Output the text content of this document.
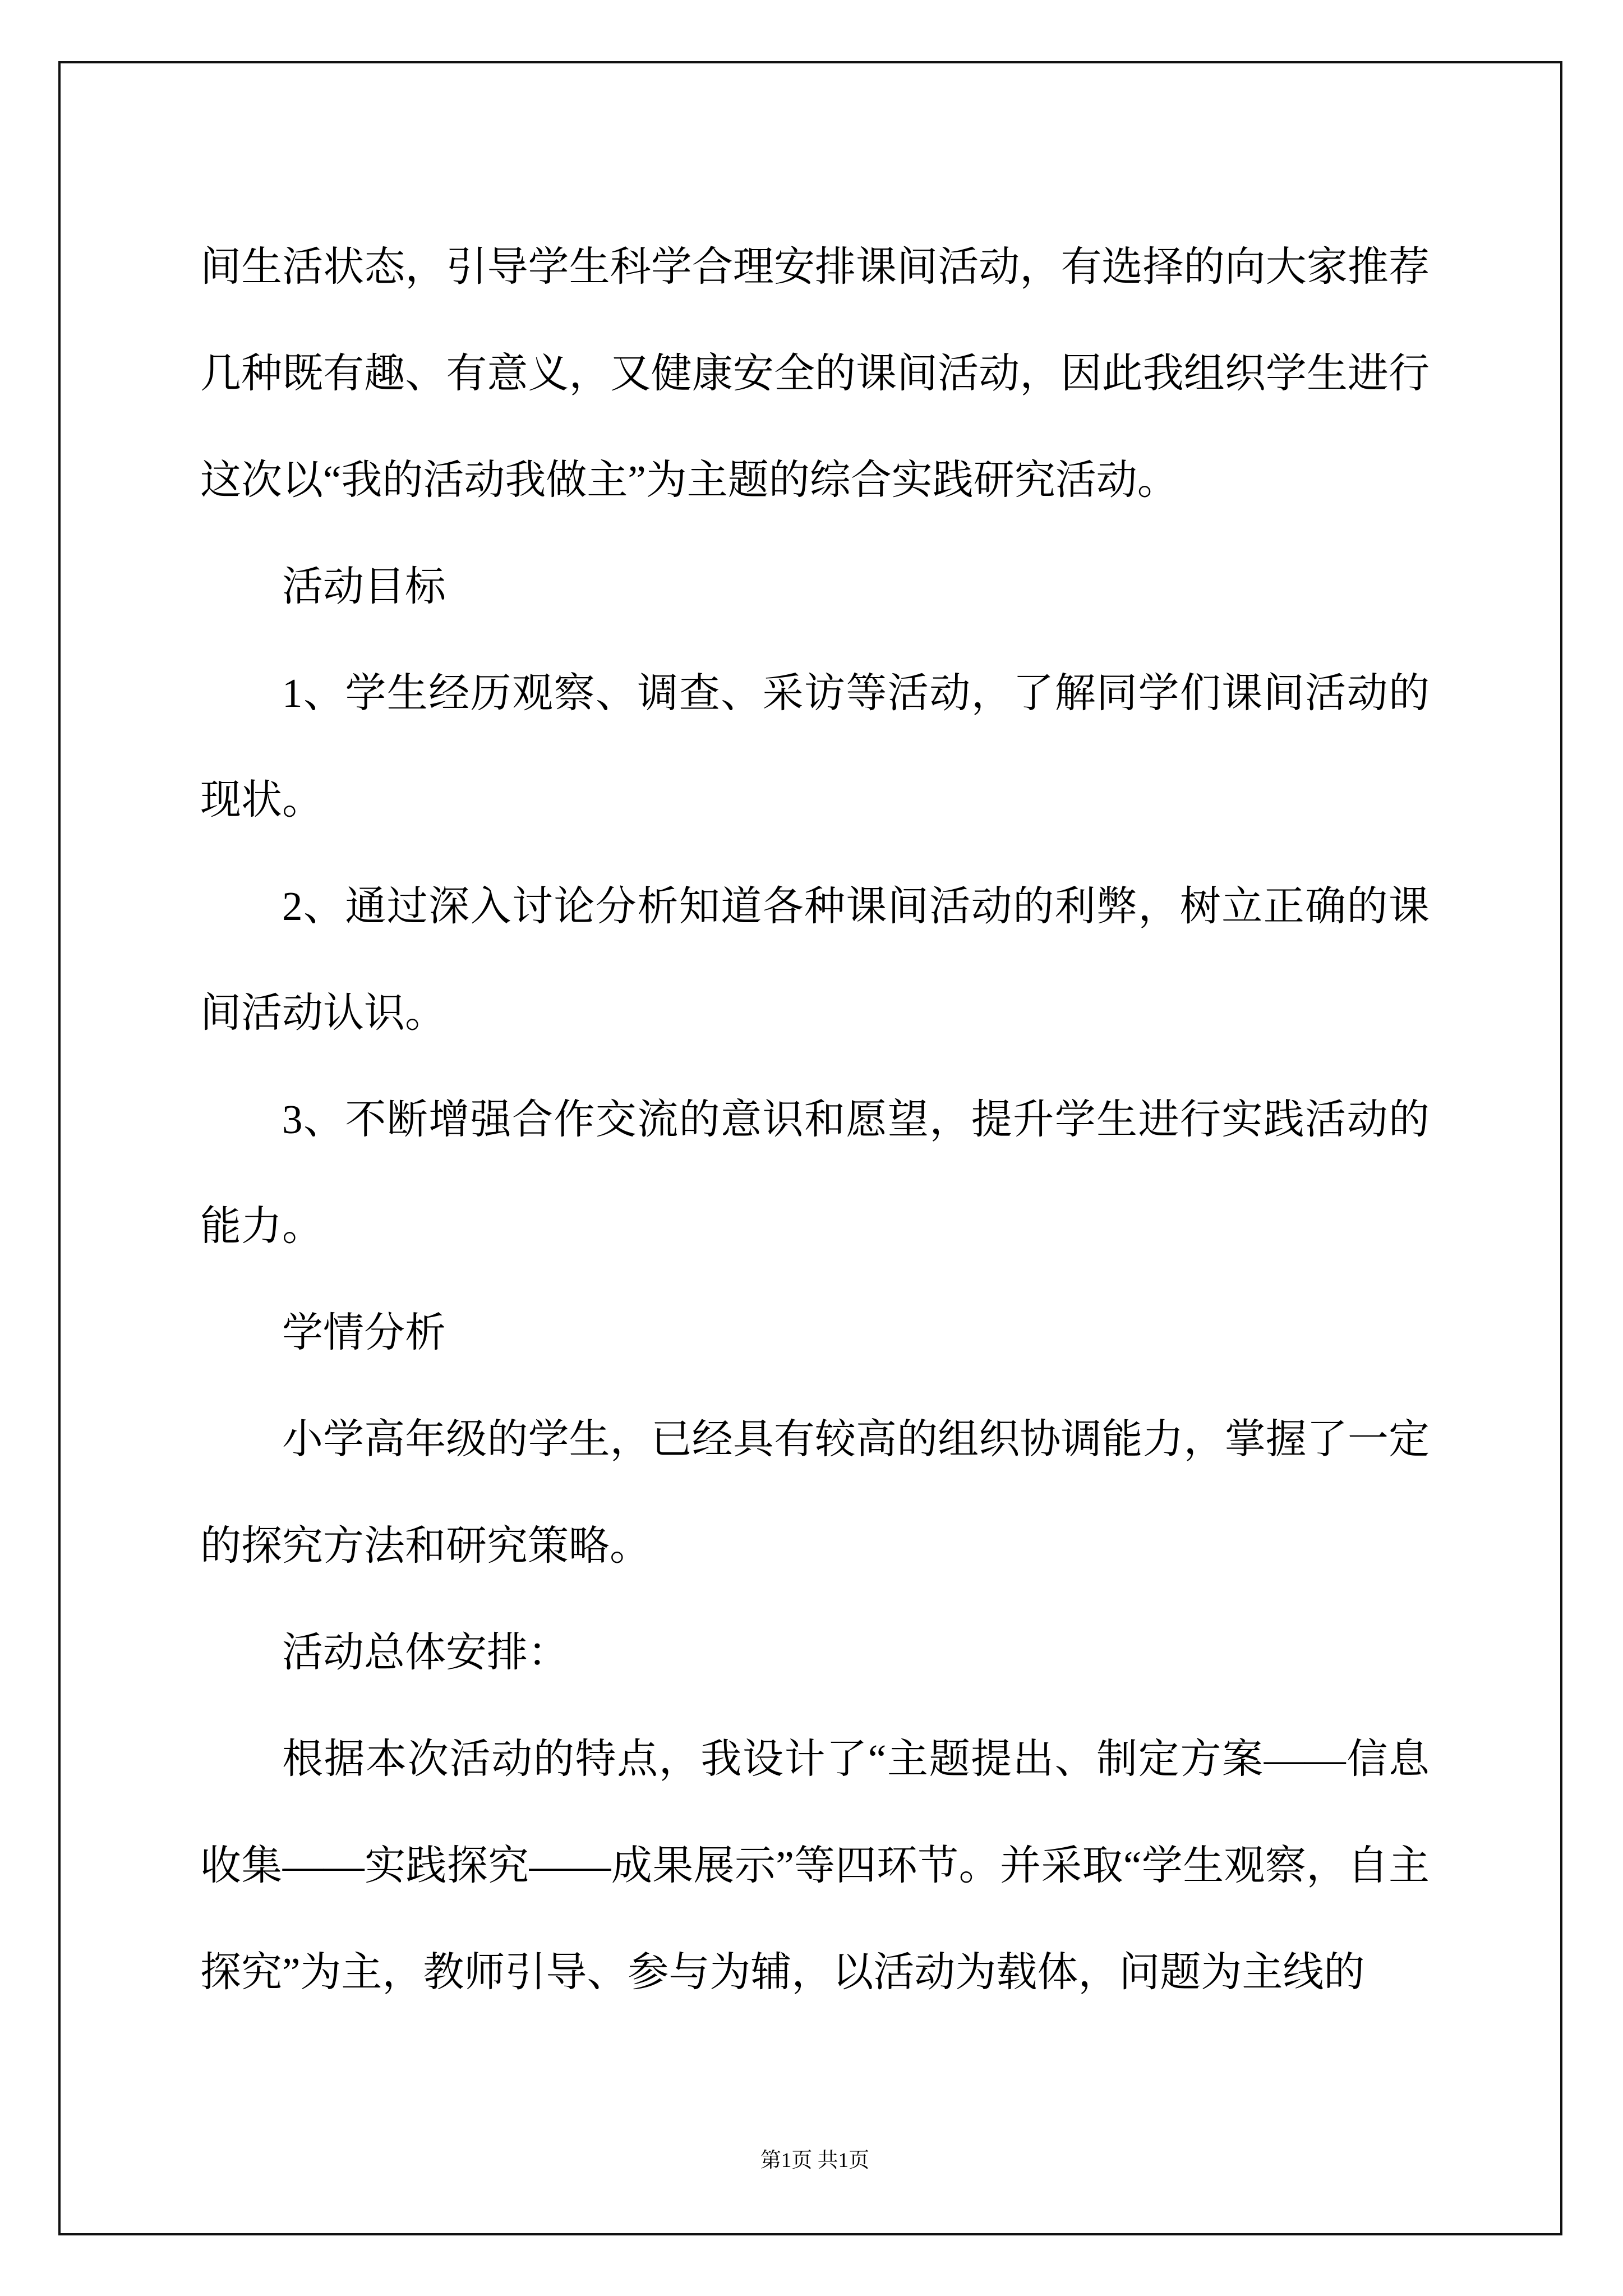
间生活状态，引导学生科学合理安排课间活动，有选择的向大家推荐几种既有趣、有意义，又健康安全的课间活动，因此我组织学生进行这次以“我的活动我做主”为主题的综合实践研究活动。

活动目标

1、学生经历观察、调查、采访等活动，了解同学们课间活动的现状。

2、通过深入讨论分析知道各种课间活动的利弊，树立正确的课间活动认识。

3、不断增强合作交流的意识和愿望，提升学生进行实践活动的能力。

学情分析

小学高年级的学生，已经具有较高的组织协调能力，掌握了一定的探究方法和研究策略。

活动总体安排：

根据本次活动的特点，我设计了“主题提出、制定方案——信息收集——实践探究——成果展示”等四环节。并采取“学生观察，自主探究”为主，教师引导、参与为辅，以活动为载体，问题为主线的

第1页 共1页
